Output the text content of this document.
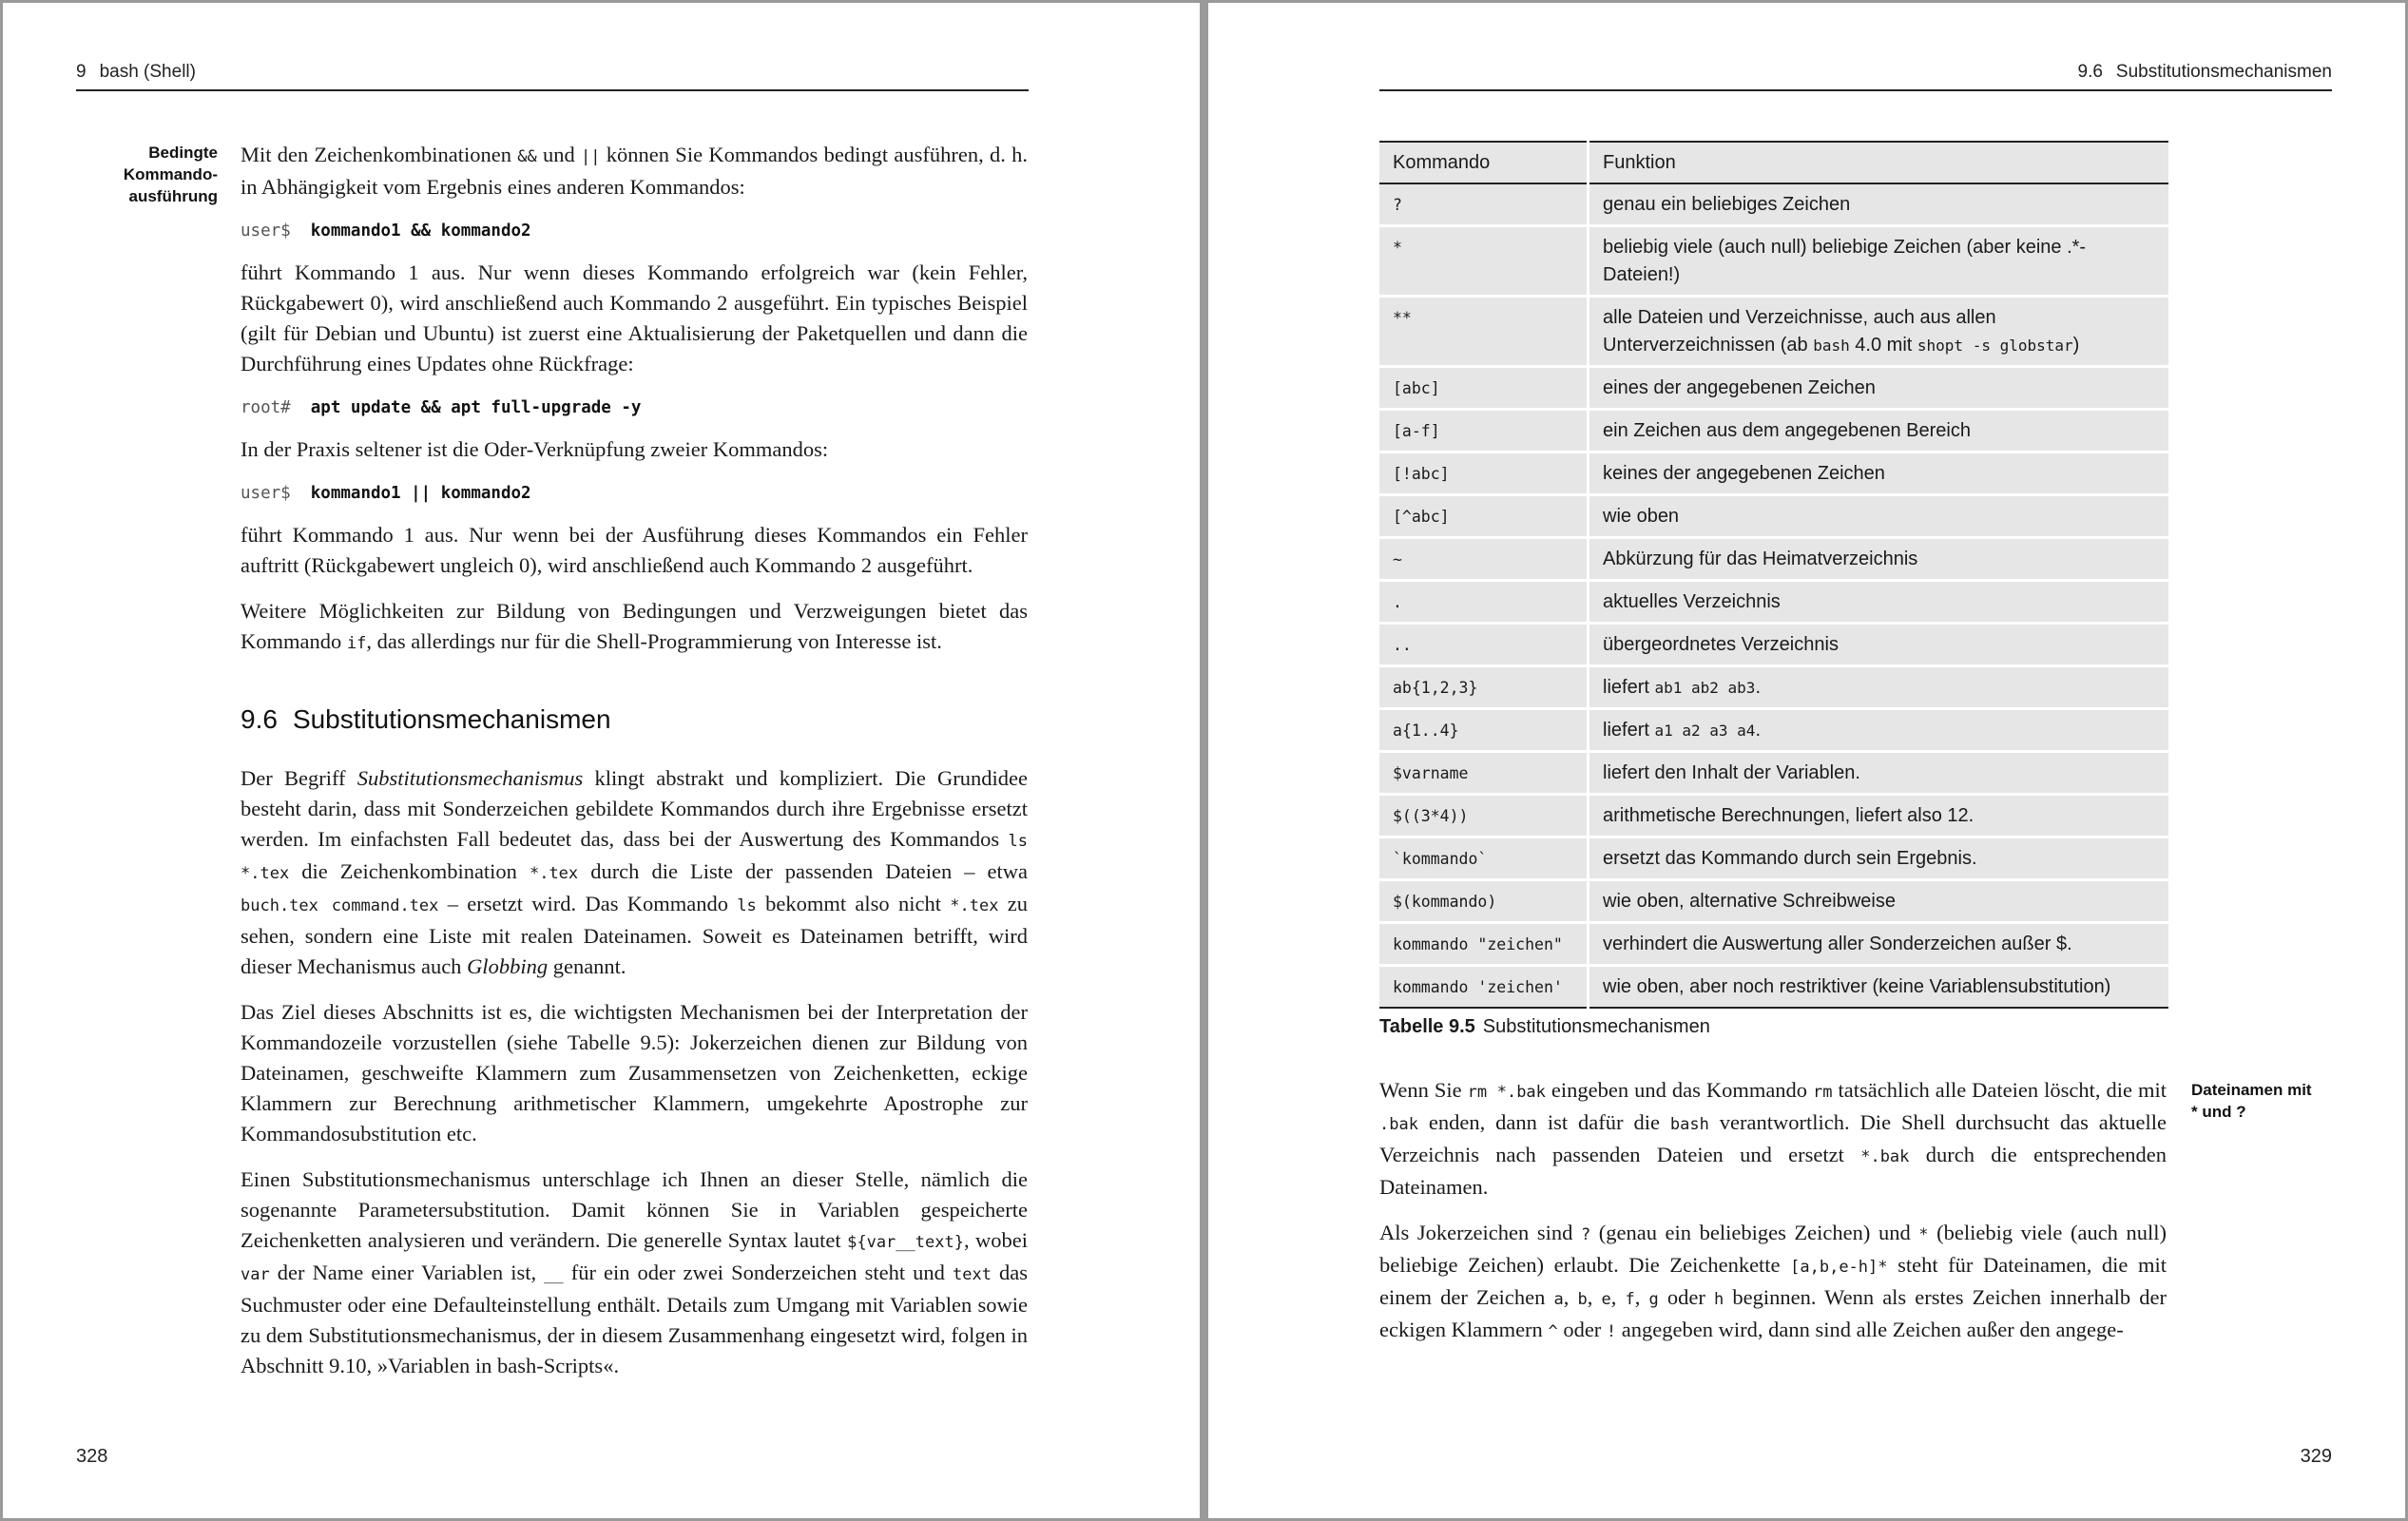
9 bash (Shell)
Bedingte
Kommando-
ausführung

Mit den Zeichenkombinationen && und || können Sie Kommandos bedingt ausführen, d. h. in Abhängigkeit vom Ergebnis eines anderen Kommandos:

user$ kommando1 && kommando2

führt Kommando 1 aus. Nur wenn dieses Kommando erfolgreich war (kein Fehler, Rückgabewert 0), wird anschließend auch Kommando 2 ausgeführt. Ein typisches Beispiel (gilt für Debian und Ubuntu) ist zuerst eine Aktualisierung der Paketquellen und dann die Durchführung eines Updates ohne Rückfrage:

root# apt update && apt full-upgrade -y

In der Praxis seltener ist die Oder-Verknüpfung zweier Kommandos:

user$ kommando1 || kommando2

führt Kommando 1 aus. Nur wenn bei der Ausführung dieses Kommandos ein Fehler auftritt (Rückgabewert ungleich 0), wird anschließend auch Kommando 2 ausgeführt.

Weitere Möglichkeiten zur Bildung von Bedingungen und Verzweigungen bietet das Kommando if, das allerdings nur für die Shell-Programmierung von Interesse ist.

9.6 Substitutionsmechanismen

Der Begriff Substitutionsmechanismus klingt abstrakt und kompliziert. Die Grundidee besteht darin, dass mit Sonderzeichen gebildete Kommandos durch ihre Ergebnisse ersetzt werden. Im einfachsten Fall bedeutet das, dass bei der Auswertung des Kommandos ls *.tex die Zeichenkombination *.tex durch die Liste der passenden Dateien – etwa buch.tex command.tex – ersetzt wird. Das Kommando ls bekommt also nicht *.tex zu sehen, sondern eine Liste mit realen Dateinamen. Soweit es Dateinamen betrifft, wird dieser Mechanismus auch Globbing genannt.

Das Ziel dieses Abschnitts ist es, die wichtigsten Mechanismen bei der Interpretation der Kommandozeile vorzustellen (siehe Tabelle 9.5): Jokerzeichen dienen zur Bildung von Dateinamen, geschweifte Klammern zum Zusammensetzen von Zeichenketten, eckige Klammern zur Berechnung arithmetischer Klammern, umgekehrte Apostrophe zur Kommandosubstitution etc.

Einen Substitutionsmechanismus unterschlage ich Ihnen an dieser Stelle, nämlich die sogenannte Parametersubstitution. Damit können Sie in Variablen gespeicherte Zeichenketten analysieren und verändern. Die generelle Syntax lautet ${var__text}, wobei var der Name einer Variablen ist, __ für ein oder zwei Sonderzeichen steht und text das Suchmuster oder eine Defaulteinstellung enthält. Details zum Umgang mit Variablen sowie zu dem Substitutionsmechanismus, der in diesem Zusammenhang eingesetzt wird, folgen in Abschnitt 9.10, »Variablen in bash-Scripts«.

328
9.6 Substitutionsmechanismen
Kommando	Funktion
?	genau ein beliebiges Zeichen
*	beliebig viele (auch null) beliebige Zeichen (aber keine .*-Dateien!)
**	alle Dateien und Verzeichnisse, auch aus allen Unterverzeichnissen (ab bash 4.0 mit shopt -s globstar)
[abc]	eines der angegebenen Zeichen
[a-f]	ein Zeichen aus dem angegebenen Bereich
[!abc]	keines der angegebenen Zeichen
[^abc]	wie oben
~	Abkürzung für das Heimatverzeichnis
.	aktuelles Verzeichnis
..	übergeordnetes Verzeichnis
ab{1,2,3}	liefert ab1 ab2 ab3.
a{1..4}	liefert a1 a2 a3 a4.
$varname	liefert den Inhalt der Variablen.
$((3*4))	arithmetische Berechnungen, liefert also 12.
`kommando`	ersetzt das Kommando durch sein Ergebnis.
$(kommando)	wie oben, alternative Schreibweise
kommando "zeichen"	verhindert die Auswertung aller Sonderzeichen außer $.
kommando 'zeichen'	wie oben, aber noch restriktiver (keine Variablensubstitution)
Tabelle 9.5 Substitutionsmechanismen
Dateinamen mit
* und ?

Wenn Sie rm *.bak eingeben und das Kommando rm tatsächlich alle Dateien löscht, die mit .bak enden, dann ist dafür die bash verantwortlich. Die Shell durchsucht das aktuelle Verzeichnis nach passenden Dateien und ersetzt *.bak durch die entsprechenden Dateinamen.

Als Jokerzeichen sind ? (genau ein beliebiges Zeichen) und * (beliebig viele (auch null) beliebige Zeichen) erlaubt. Die Zeichenkette [a,b,e-h]* steht für Dateinamen, die mit einem der Zeichen a, b, e, f, g oder h beginnen. Wenn als erstes Zeichen innerhalb der eckigen Klammern ^ oder ! angegeben wird, dann sind alle Zeichen außer den angege-

329
